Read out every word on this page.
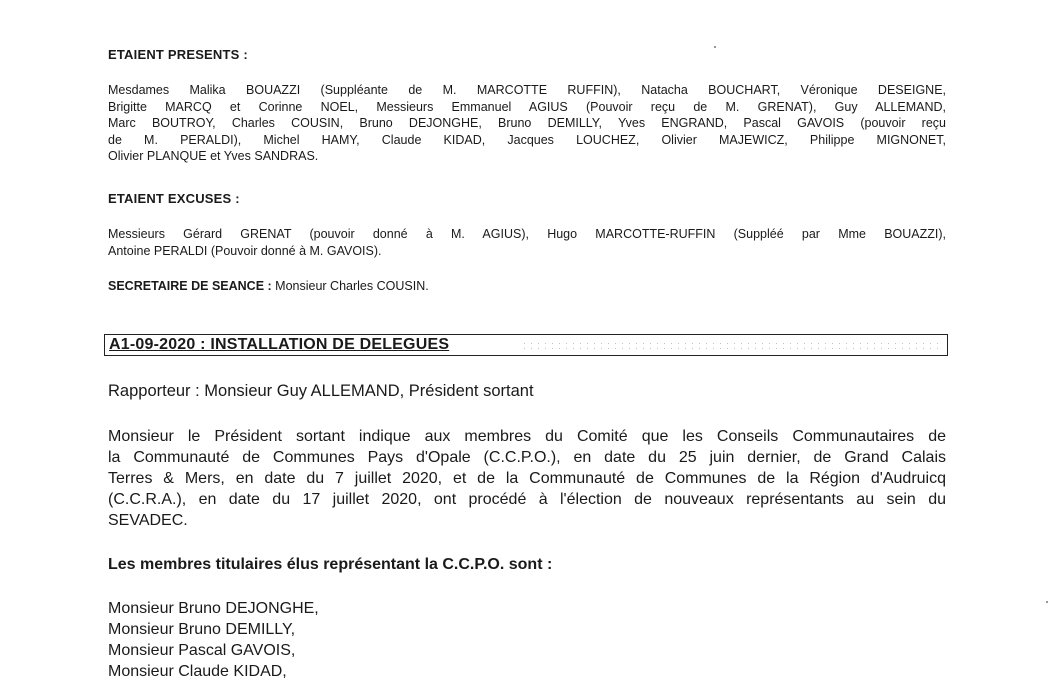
ETAIENT PRESENTS :
Mesdames Malika BOUAZZI (Suppléante de M. MARCOTTE RUFFIN), Natacha BOUCHART, Véronique DESEIGNE,
Brigitte MARCQ et Corinne NOEL, Messieurs Emmanuel AGIUS (Pouvoir reçu de M. GRENAT), Guy ALLEMAND,
Marc BOUTROY, Charles COUSIN, Bruno DEJONGHE, Bruno DEMILLY, Yves ENGRAND, Pascal GAVOIS (pouvoir reçu
de M. PERALDI), Michel HAMY, Claude KIDAD, Jacques LOUCHEZ, Olivier MAJEWICZ, Philippe MIGNONET,
Olivier PLANQUE et Yves SANDRAS.
ETAIENT EXCUSES :
Messieurs Gérard GRENAT (pouvoir donné à M. AGIUS), Hugo MARCOTTE-RUFFIN (Suppléé par Mme BOUAZZI),
Antoine PERALDI (Pouvoir donné à M. GAVOIS).
SECRETAIRE DE SEANCE : Monsieur Charles COUSIN.
A1-09-2020 : INSTALLATION DE DELEGUES
Rapporteur : Monsieur Guy ALLEMAND, Président sortant
Monsieur le Président sortant indique aux membres du Comité que les Conseils Communautaires de
la Communauté de Communes Pays d'Opale (C.C.P.O.), en date du 25 juin dernier, de Grand Calais
Terres & Mers, en date du 7 juillet 2020, et de la Communauté de Communes de la Région d'Audruicq
(C.C.R.A.), en date du 17 juillet 2020, ont procédé à l'élection de nouveaux représentants au sein du
SEVADEC.
Les membres titulaires élus représentant la C.C.P.O. sont :
Monsieur Bruno DEJONGHE,
Monsieur Bruno DEMILLY,
Monsieur Pascal GAVOIS,
Monsieur Claude KIDAD,
